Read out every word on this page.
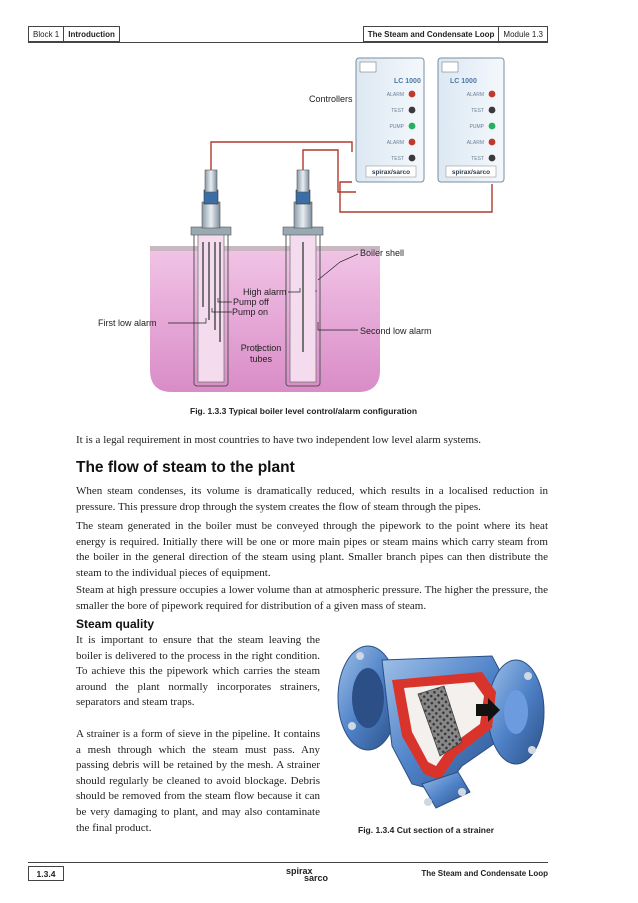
Block 1	Introduction	The Steam and Condensate Loop	Module 1.3
LC 1000
ALARM
TEST
PUMP
ALARM
TEST
spirax/sarco
LC 1000
ALARM
TEST
PUMP
ALARM
TEST
spirax/sarco
Controllers
Boiler shell
High alarm
Pump off
Pump on
First low alarm
Second low alarm
Protection
tubes
Fig. 1.3.3 Typical boiler level control/alarm configuration
It is a legal requirement in most countries to have two independent low level alarm systems.
The flow of steam to the plant
When steam condenses, its volume is dramatically reduced, which results in a localised reduction in pressure. This pressure drop through the system creates the flow of steam through the pipes.
The steam generated in the boiler must be conveyed through the pipework to the point where its heat energy is required. Initially there will be one or more main pipes or steam mains which carry steam from the boiler in the general direction of the steam using plant. Smaller branch pipes can then distribute the steam to the individual pieces of equipment.
Steam at high pressure occupies a lower volume than at atmospheric pressure. The higher the pressure, the smaller the bore of pipework required for distribution of a given mass of steam.
Steam quality
It is important to ensure that the steam leaving the boiler is delivered to the process in the right condition. To achieve this the pipework which carries the steam around the plant normally incorporates strainers, separators and steam traps.
A strainer is a form of sieve in the pipeline. It contains a mesh through which the steam must pass. Any passing debris will be retained by the mesh. A strainer should regularly be cleaned to avoid blockage. Debris should be removed from the steam flow because it can be very damaging to plant, and may also contaminate the final product.	Fig. 1.3.4 Cut section of a strainer
1.3.4	spirax
sarco	The Steam and Condensate Loop
